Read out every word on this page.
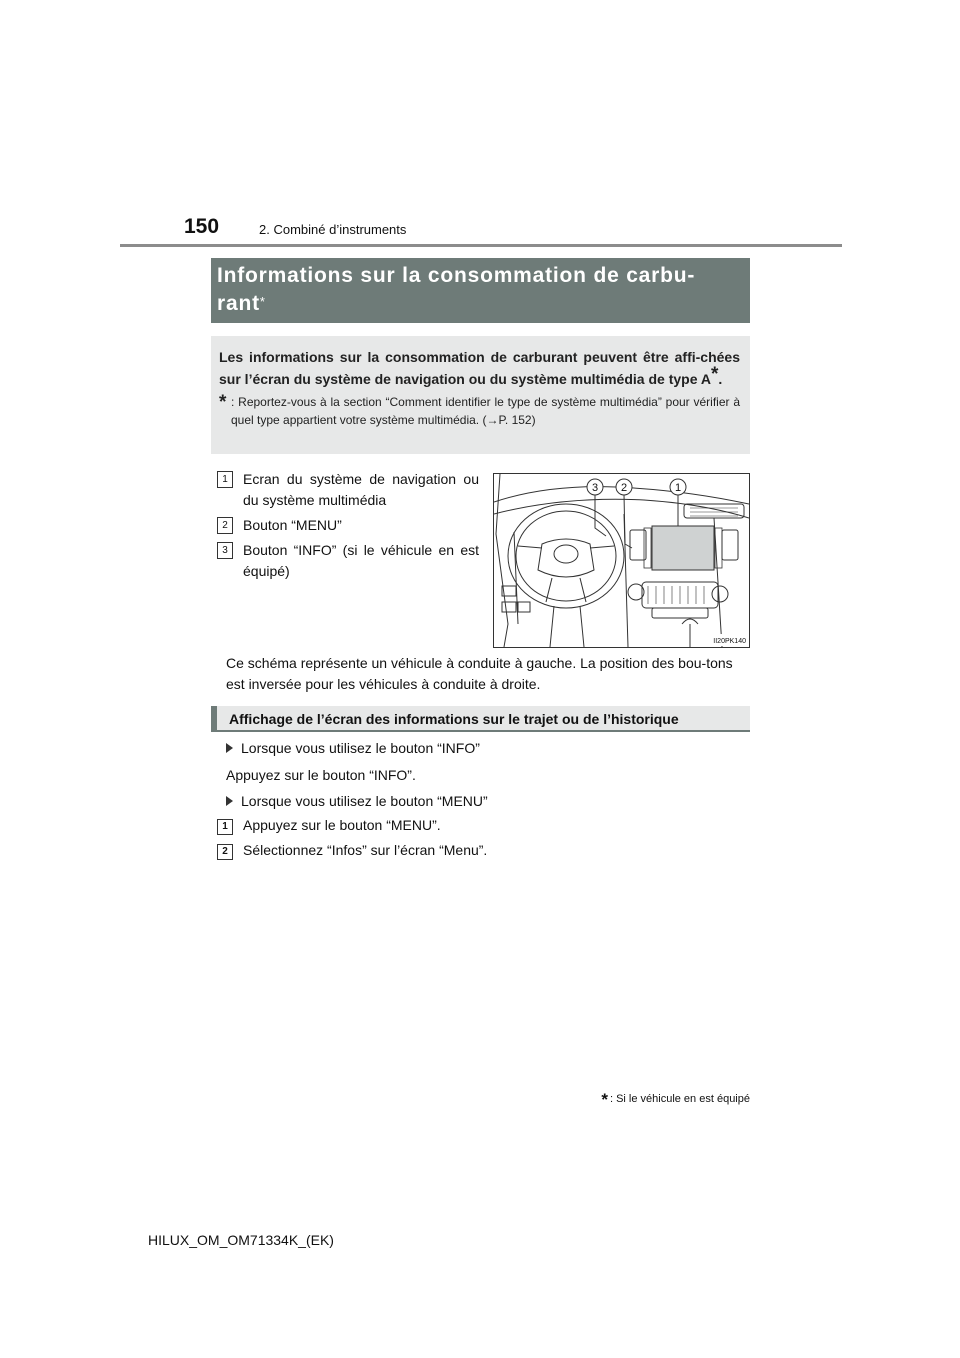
150	2. Combiné d’instruments
Informations sur la consommation de carbu-
rant*
Les informations sur la consommation de carburant peuvent être affi-chées sur l’écran du système de navigation ou du système multimédia de type A*.
* : Reportez-vous à la section “Comment identifier le type de système multimédia” pour vérifier à quel type appartient votre système multimédia. (→P. 152)
1	Ecran du système de navigation ou du système multimédia
2	Bouton “MENU”
3	Bouton “INFO” (si le véhicule en est équipé)
3 2	1
II20PK140
Ce schéma représente un véhicule à conduite à gauche. La position des bou-tons est inversée pour les véhicules à conduite à droite.
Affichage de l’écran des informations sur le trajet ou de l’historique
Lorsque vous utilisez le bouton “INFO”
Appuyez sur le bouton “INFO”.
Lorsque vous utilisez le bouton “MENU”
1 Appuyez sur le bouton “MENU”.
2 Sélectionnez “Infos” sur l’écran “Menu”.
* : Si le véhicule en est équipé
HILUX_OM_OM71334K_(EK)
